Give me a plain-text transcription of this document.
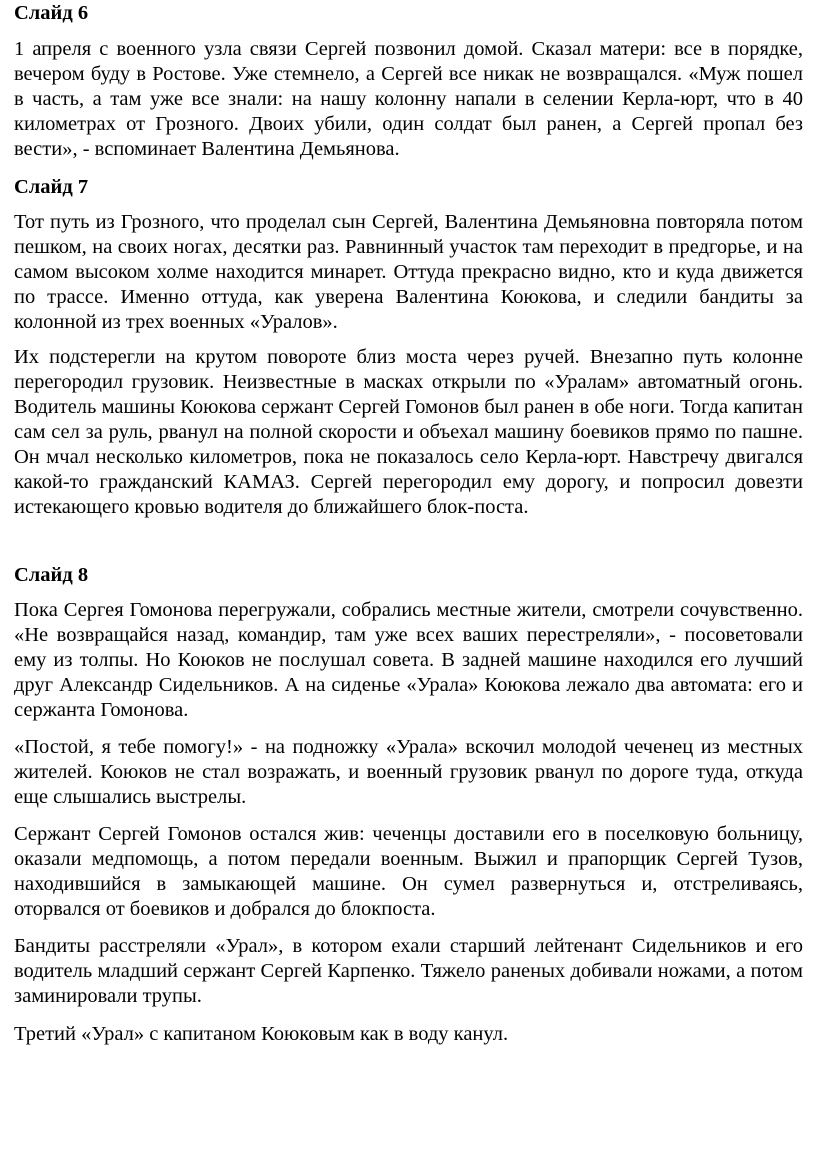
Слайд 6

1 апреля с военного узла связи Сергей позвонил домой. Сказал матери: все в порядке, вечером буду в Ростове. Уже стемнело, а Сергей все никак не возвращался. «Муж пошел в часть, а там уже все знали: на нашу колонну напали в селении Керла-юрт, что в 40 километрах от Грозного. Двоих убили, один солдат был ранен, а Сергей пропал без вести», - вспоминает Валентина Демьянова.

Слайд 7

Тот путь из Грозного, что проделал сын Сергей, Валентина Демьяновна повторяла потом пешком, на своих ногах, десятки раз. Равнинный участок там переходит в предгорье, и на самом высоком холме находится минарет. Оттуда прекрасно видно, кто и куда движется по трассе. Именно оттуда, как уверена Валентина Коюкова, и следили бандиты за колонной из трех военных «Уралов».

Их подстерегли на крутом повороте близ моста через ручей. Внезапно путь колонне перегородил грузовик. Неизвестные в масках открыли по «Уралам» автоматный огонь. Водитель машины Коюкова сержант Сергей Гомонов был ранен в обе ноги. Тогда капитан сам сел за руль, рванул на полной скорости и объехал машину боевиков прямо по пашне. Он мчал несколько километров, пока не показалось село Керла-юрт. Навстречу двигался какой-то гражданский КАМАЗ. Сергей перегородил ему дорогу, и попросил довезти истекающего кровью водителя до ближайшего блок-поста.

Слайд 8

Пока Сергея Гомонова перегружали, собрались местные жители, смотрели сочувственно. «Не возвращайся назад, командир, там уже всех ваших перестреляли», - посоветовали ему из толпы. Но Коюков не послушал совета. В задней машине находился его лучший друг Александр Сидельников. А на сиденье «Урала» Коюкова лежало два автомата: его и сержанта Гомонова.

«Постой, я тебе помогу!» - на подножку «Урала» вскочил молодой чеченец из местных жителей. Коюков не стал возражать, и военный грузовик рванул по дороге туда, откуда еще слышались выстрелы.

Сержант Сергей Гомонов остался жив: чеченцы доставили его в поселковую больницу, оказали медпомощь, а потом передали военным. Выжил и прапорщик Сергей Тузов, находившийся в замыкающей машине. Он сумел развернуться и, отстреливаясь, оторвался от боевиков и добрался до блокпоста.

Бандиты расстреляли «Урал», в котором ехали старший лейтенант Сидельников и его водитель младший сержант Сергей Карпенко. Тяжело раненых добивали ножами, а потом заминировали трупы.

Третий «Урал» с капитаном Коюковым как в воду канул.
